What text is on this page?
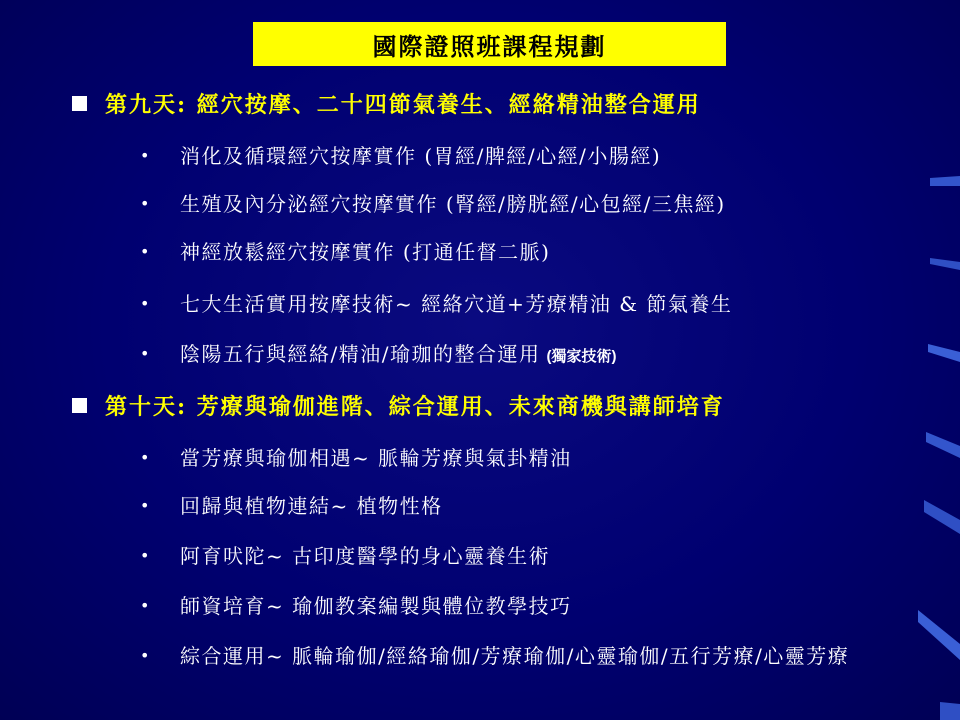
國際證照班課程規劃
第九天: 經穴按摩、二十四節氣養生、經絡精油整合運用
•	消化及循環經穴按摩實作 (胃經/脾經/心經/小腸經)
•	生殖及內分泌經穴按摩實作 (腎經/膀胱經/心包經/三焦經)
•	神經放鬆經穴按摩實作 (打通任督二脈)
•	七大生活實用按摩技術~ 經絡穴道+芳療精油 & 節氣養生
•	陰陽五行與經絡/精油/瑜珈的整合運用 (獨家技術)
第十天: 芳療與瑜伽進階、綜合運用、未來商機與講師培育
•	當芳療與瑜伽相遇~ 脈輪芳療與氣卦精油
•	回歸與植物連結~ 植物性格
•	阿育吠陀~ 古印度醫學的身心靈養生術
•	師資培育~ 瑜伽教案編製與體位教學技巧
•	綜合運用~ 脈輪瑜伽/經絡瑜伽/芳療瑜伽/心靈瑜伽/五行芳療/心靈芳療
